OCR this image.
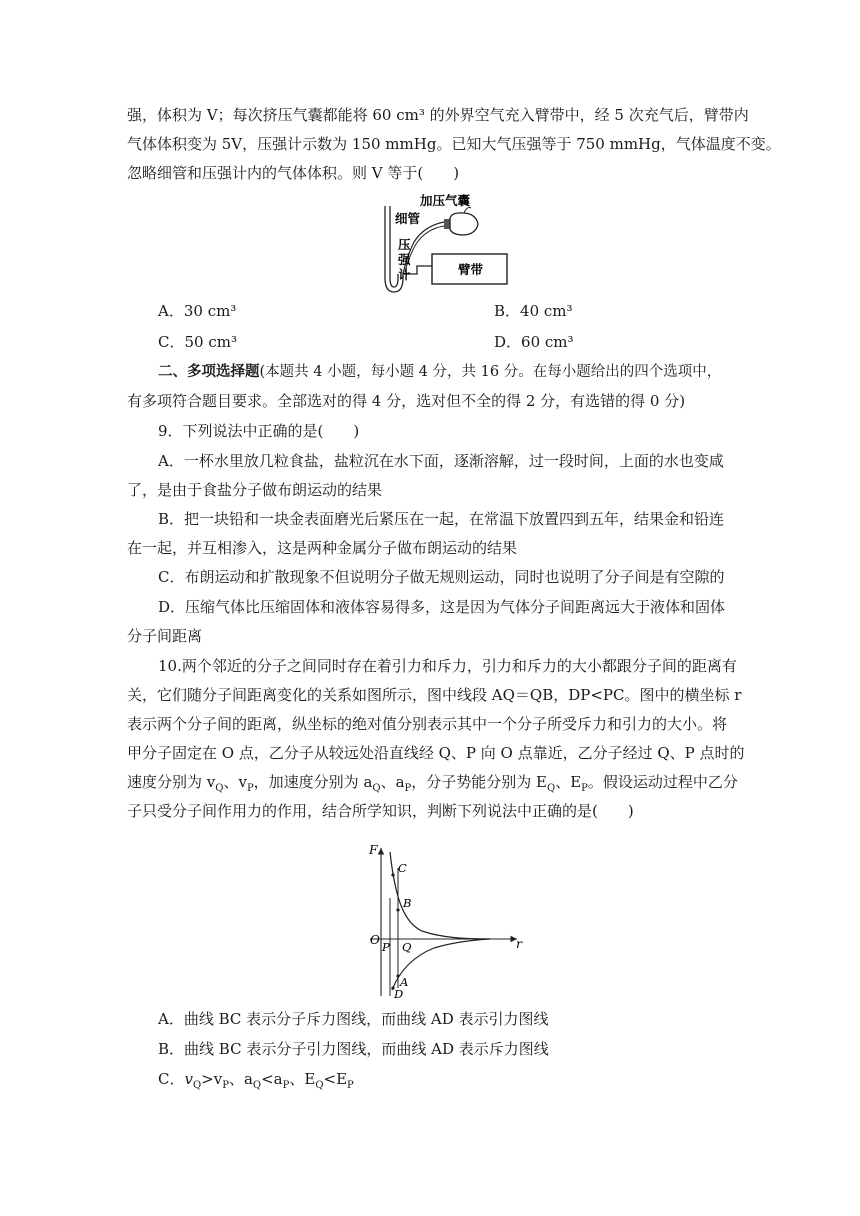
强，体积为 V；每次挤压气囊都能将 60 cm³ 的外界空气充入臂带中，经 5 次充气后，臂带内
气体体积变为 5V，压强计示数为 150 mmHg。已知大气压强等于 750 mmHg，气体温度不变。
忽略细管和压强计内的气体体积。则 V 等于(　　)
加压气囊
细管
压
强
计	臂带
A．30 cm³	B．40 cm³
C．50 cm³	D．60 cm³
二、多项选择题(本题共 4 小题，每小题 4 分，共 16 分。在每小题给出的四个选项中，
有多项符合题目要求。全部选对的得 4 分，选对但不全的得 2 分，有选错的得 0 分)
9．下列说法中正确的是(　　)
A．一杯水里放几粒食盐，盐粒沉在水下面，逐渐溶解，过一段时间，上面的水也变咸
了，是由于食盐分子做布朗运动的结果
B．把一块铅和一块金表面磨光后紧压在一起，在常温下放置四到五年，结果金和铅连
在一起，并互相渗入，这是两种金属分子做布朗运动的结果
C．布朗运动和扩散现象不但说明分子做无规则运动，同时也说明了分子间是有空隙的
D．压缩气体比压缩固体和液体容易得多，这是因为气体分子间距离远大于液体和固体
分子间距离
10.两个邻近的分子之间同时存在着引力和斥力，引力和斥力的大小都跟分子间的距离有
关，它们随分子间距离变化的关系如图所示，图中线段 AQ＝QB，DP<PC。图中的横坐标 r
表示两个分子间的距离，纵坐标的绝对值分别表示其中一个分子所受斥力和引力的大小。将
甲分子固定在 O 点，乙分子从较远处沿直线经 Q、P 向 O 点靠近，乙分子经过 Q、P 点时的
速度分别为 $v_Q$、$v_P$，加速度分别为 $a_Q$、$a_P$，分子势能分别为 $E_Q$、$E_P$。假设运动过程中乙分
子只受分子间作用力的作用，结合所学知识，判断下列说法中正确的是(　　)
F
r
O P Q
C
B
A
D
A．曲线 BC 表示分子斥力图线，而曲线 AD 表示引力图线
B．曲线 BC 表示分子引力图线，而曲线 AD 表示斥力图线
C．$v_Q>v_P$、$a_Q<a_P$、$E_Q<E_P$
